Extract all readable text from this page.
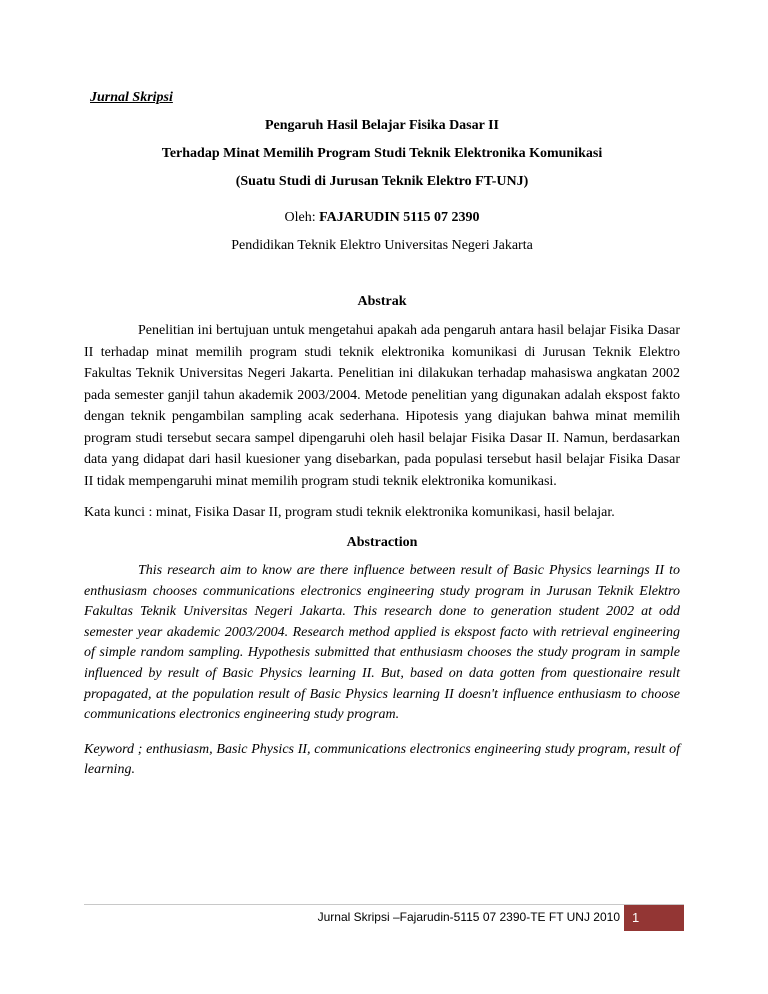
Jurnal Skripsi
Pengaruh Hasil Belajar Fisika Dasar II
Terhadap Minat Memilih Program Studi Teknik Elektronika Komunikasi
(Suatu Studi di Jurusan Teknik Elektro FT-UNJ)
Oleh: FAJARUDIN 5115 07 2390
Pendidikan Teknik Elektro Universitas Negeri Jakarta
Abstrak

Penelitian ini bertujuan untuk mengetahui apakah ada pengaruh antara hasil belajar Fisika Dasar II terhadap minat memilih program studi teknik elektronika komunikasi di Jurusan Teknik Elektro Fakultas Teknik Universitas Negeri Jakarta. Penelitian ini dilakukan terhadap mahasiswa angkatan 2002 pada semester ganjil tahun akademik 2003/2004. Metode penelitian yang digunakan adalah ekspost fakto dengan teknik pengambilan sampling acak sederhana. Hipotesis yang diajukan bahwa minat memilih program studi tersebut secara sampel dipengaruhi oleh hasil belajar Fisika Dasar II. Namun, berdasarkan data yang didapat dari hasil kuesioner yang disebarkan, pada populasi tersebut hasil belajar Fisika Dasar II tidak mempengaruhi minat memilih program studi teknik elektronika komunikasi.

Kata kunci : minat, Fisika Dasar II, program studi teknik elektronika komunikasi, hasil belajar.

Abstraction

This research aim to know are there influence between result of Basic Physics learnings II to enthusiasm chooses communications electronics engineering study program in Jurusan Teknik Elektro Fakultas Teknik Universitas Negeri Jakarta. This research done to generation student 2002 at odd semester year akademic 2003/2004. Research method applied is ekspost facto with retrieval engineering of simple random sampling. Hypothesis submitted that enthusiasm chooses the study program in sample influenced by result of Basic Physics learning II. But, based on data gotten from questionaire result propagated, at the population result of Basic Physics learning II doesn't influence enthusiasm to choose communications electronics engineering study program.

Keyword ; enthusiasm, Basic Physics II, communications electronics engineering study program, result of learning.

Jurnal Skripsi –Fajarudin-5115 07 2390-TE FT UNJ 2010 1
